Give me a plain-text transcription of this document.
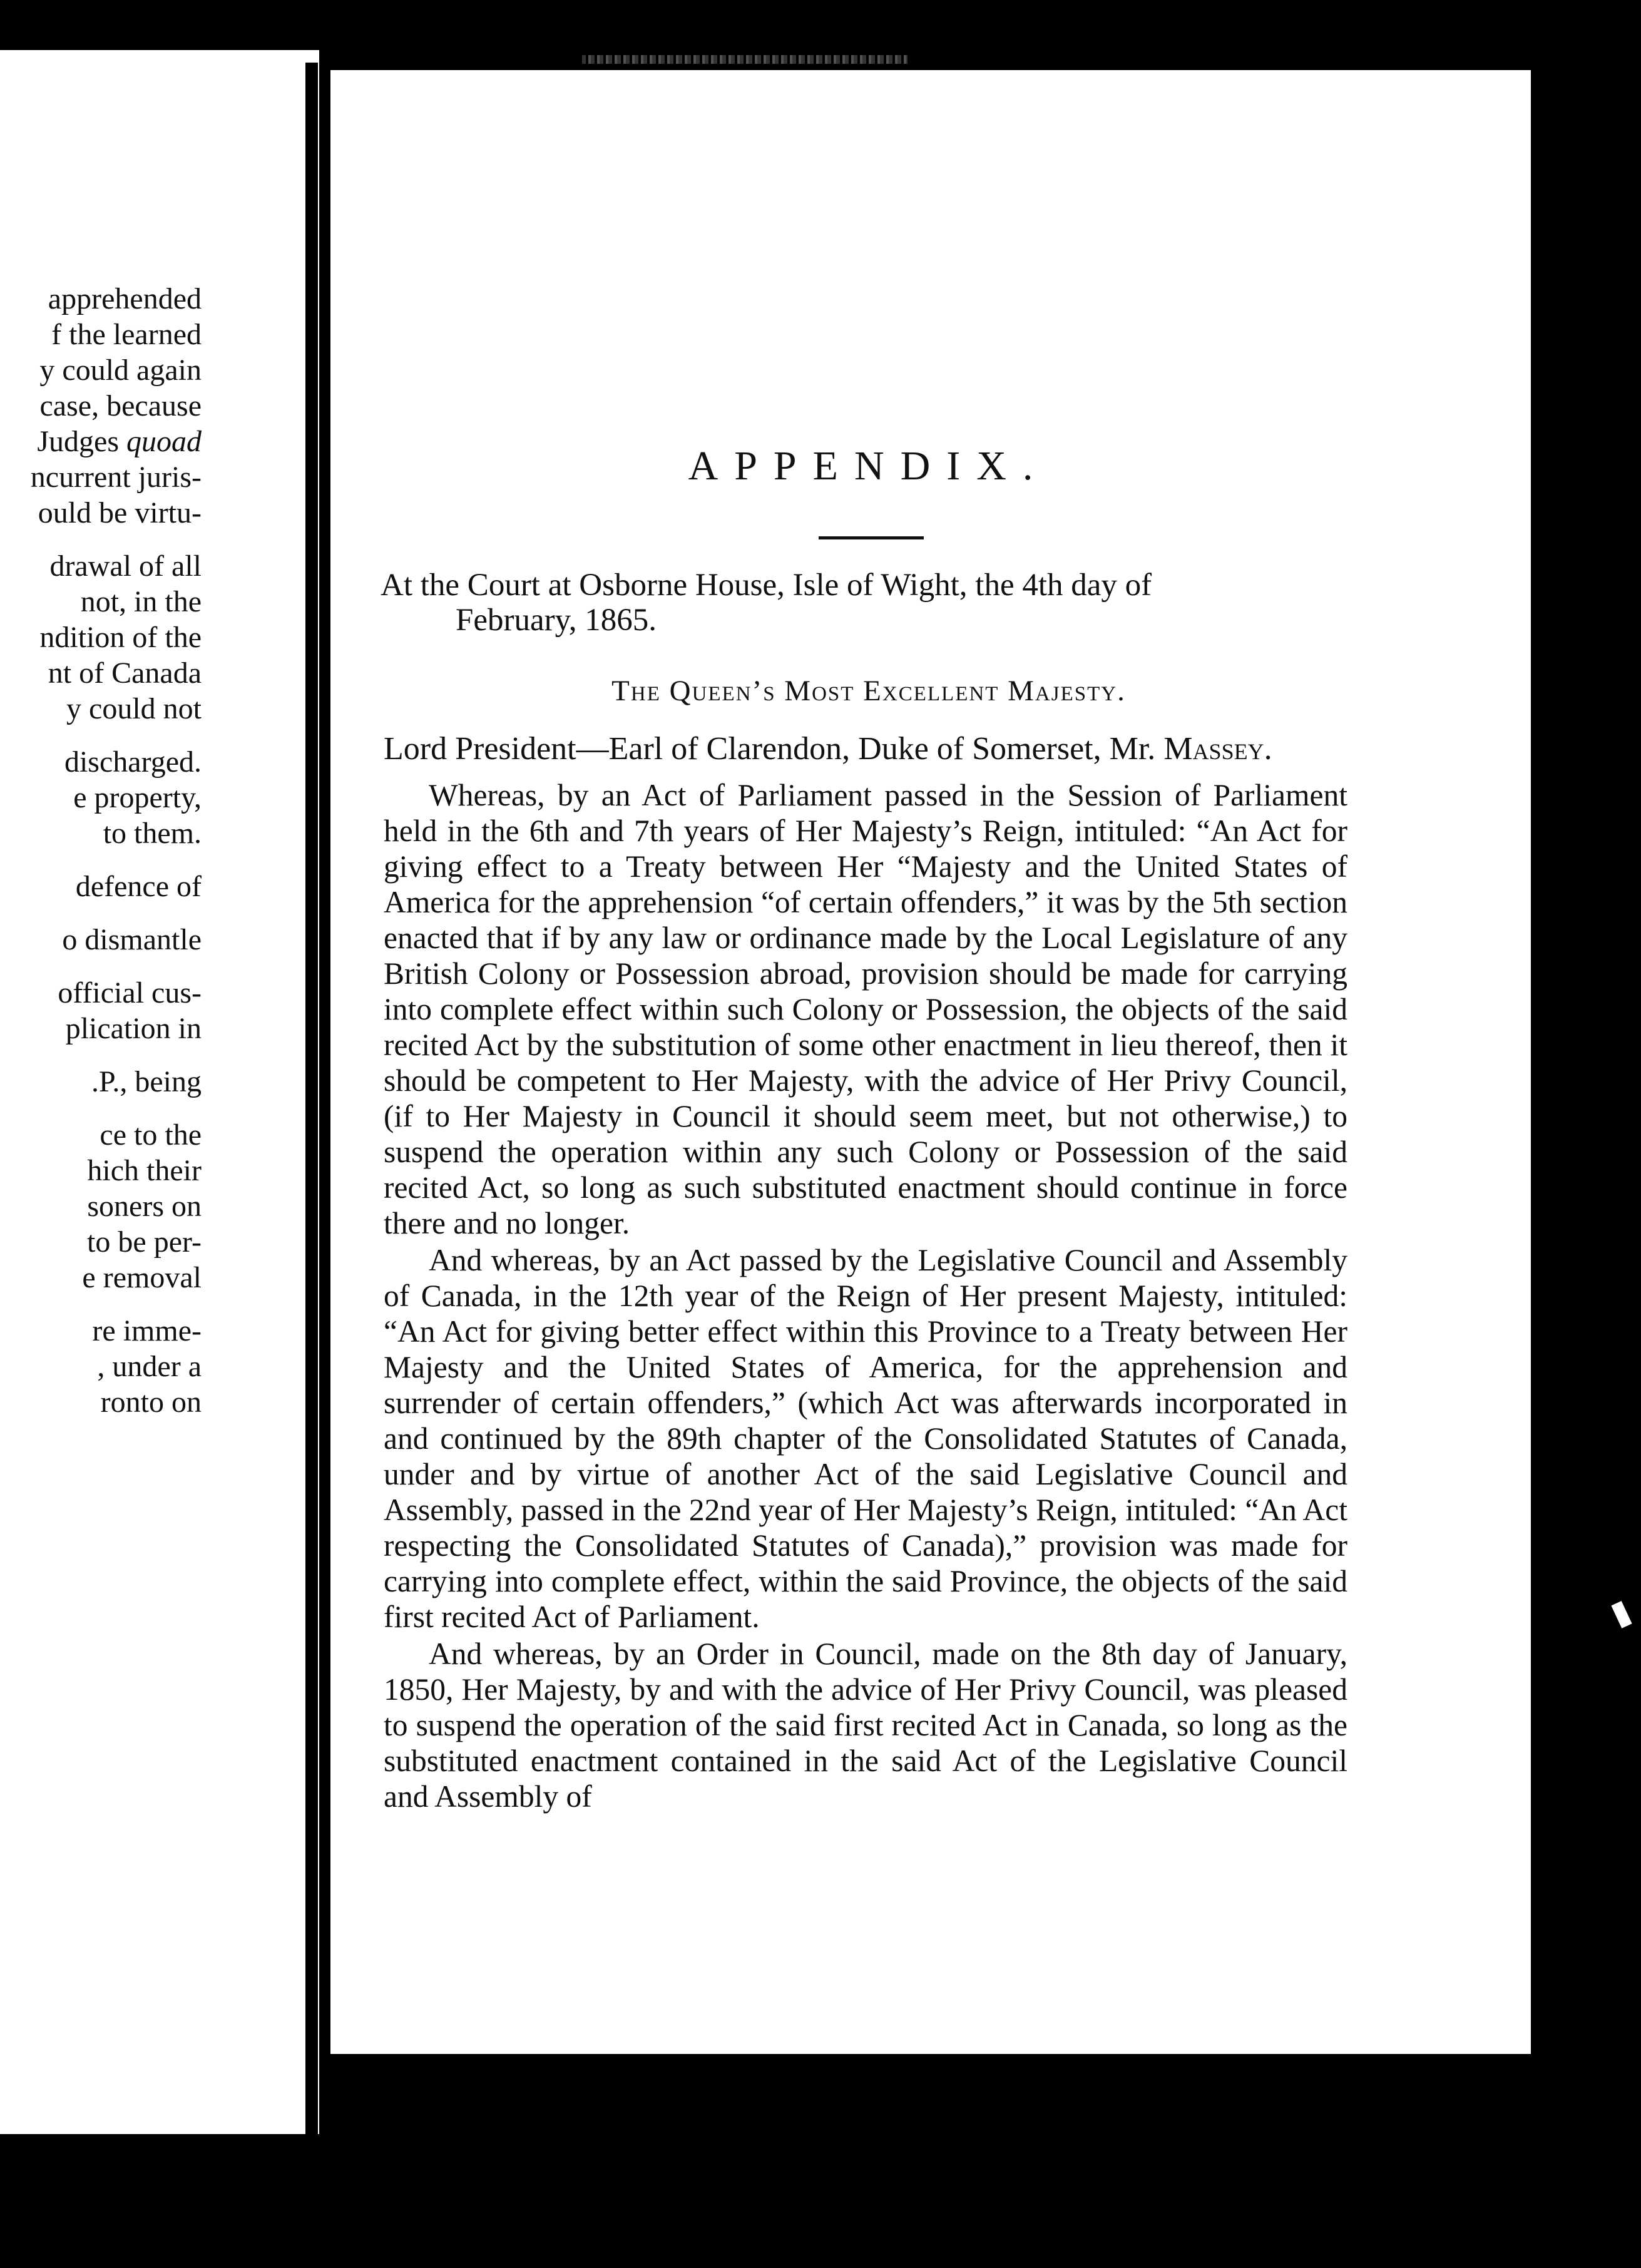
apprehended
f the learned
y could again
case, because
Judges quoad
ncurrent juris-
ould be virtu-
drawal of all
not, in the
ndition of the
nt of Canada
y could not
discharged.
e property,
to them.
defence of
o dismantle
official cus-
plication in
.P., being
ce to the
hich their
soners on
to be per-
e removal
re imme-
, under a
ronto on
APPENDIX.
At the Court at Osborne House, Isle of Wight, the 4th day of
February, 1865.
The Queen’s Most Excellent Majesty.
Lord President—Earl of Clarendon, Duke of Somerset, Mr. Massey.

Whereas, by an Act of Parliament passed in the Session of Parliament held in the 6th and 7th years of Her Majesty’s Reign, intituled: “An Act for giving effect to a Treaty between Her “Majesty and the United States of America for the apprehension “of certain offenders,” it was by the 5th section enacted that if by any law or ordinance made by the Local Legislature of any British Colony or Possession abroad, provision should be made for carrying into complete effect within such Colony or Possession, the objects of the said recited Act by the substitution of some other enactment in lieu thereof, then it should be competent to Her Majesty, with the advice of Her Privy Council, (if to Her Majesty in Council it should seem meet, but not otherwise,) to suspend the operation within any such Colony or Possession of the said recited Act, so long as such substituted enactment should continue in force there and no longer.

And whereas, by an Act passed by the Legislative Council and Assembly of Canada, in the 12th year of the Reign of Her present Majesty, intituled: “An Act for giving better effect within this Province to a Treaty between Her Majesty and the United States of America, for the apprehension and surrender of certain offenders,” (which Act was afterwards incorporated in and continued by the 89th chapter of the Consolidated Statutes of Canada, under and by virtue of another Act of the said Legislative Council and Assembly, passed in the 22nd year of Her Majesty’s Reign, intituled: “An Act respecting the Consolidated Statutes of Canada),” provision was made for carrying into complete effect, within the said Province, the objects of the said first recited Act of Parliament.

And whereas, by an Order in Council, made on the 8th day of January, 1850, Her Majesty, by and with the advice of Her Privy Council, was pleased to suspend the operation of the said first recited Act in Canada, so long as the substituted enactment contained in the said Act of the Legislative Council and Assembly of
